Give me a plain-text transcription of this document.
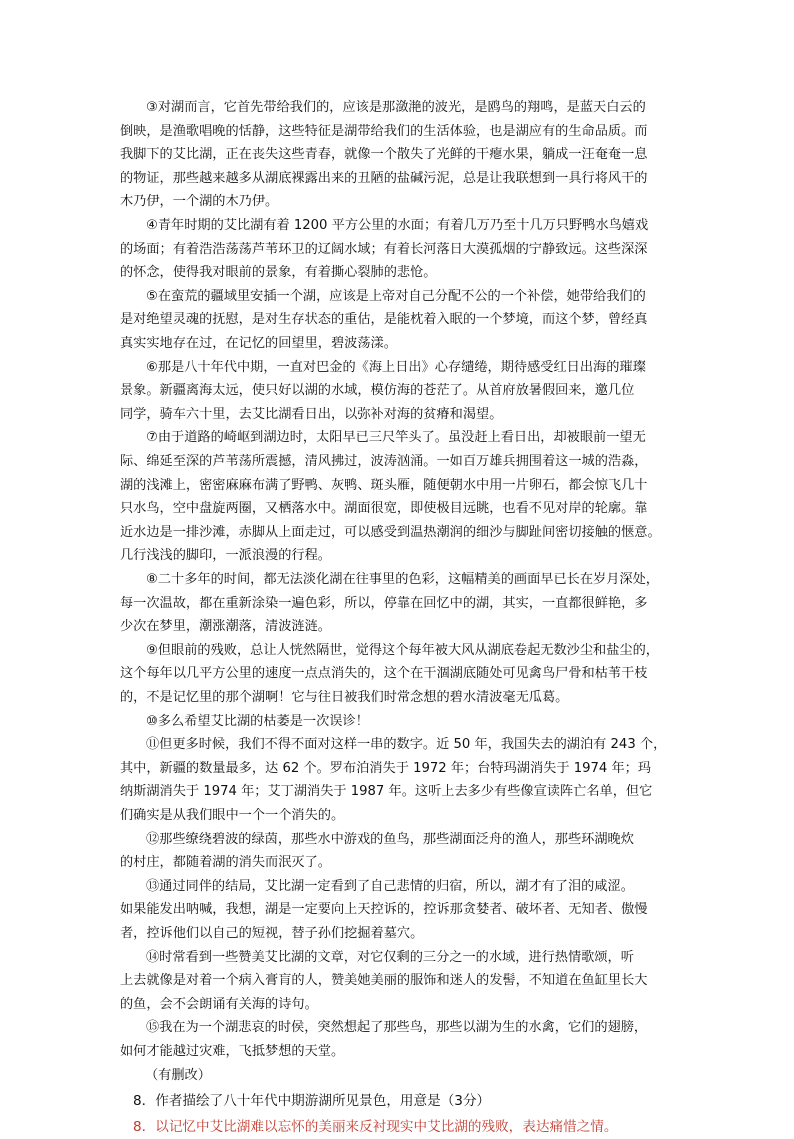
③对湖而言，它首先带给我们的，应该是那潋滟的波光，是鸥鸟的翔鸣，是蓝天白云的
倒映，是渔歌唱晚的恬静，这些特征是湖带给我们的生活体验，也是湖应有的生命品质。而
我脚下的艾比湖，正在丧失这些青春，就像一个散失了光鲜的干瘪水果，躺成一汪奄奄一息
的物证，那些越来越多从湖底裸露出来的丑陋的盐碱污泥，总是让我联想到一具行将风干的
木乃伊，一个湖的木乃伊。
④青年时期的艾比湖有着 1200 平方公里的水面；有着几万乃至十几万只野鸭水鸟嬉戏
的场面；有着浩浩荡荡芦苇环卫的辽阔水域；有着长河落日大漠孤烟的宁静致远。这些深深
的怀念，使得我对眼前的景象，有着撕心裂肺的悲怆。
⑤在蛮荒的疆域里安插一个湖，应该是上帝对自己分配不公的一个补偿，她带给我们的
是对绝望灵魂的抚慰，是对生存状态的重估，是能枕着入眠的一个梦境，而这个梦，曾经真
真实实地存在过，在记忆的回望里，碧波荡漾。
⑥那是八十年代中期，一直对巴金的《海上日出》心存缱绻，期待感受红日出海的璀璨
景象。新疆离海太远，使只好以湖的水域，模仿海的苍茫了。从首府放暑假回来，邀几位
同学，骑车六十里，去艾比湖看日出，以弥补对海的贫瘠和渴望。
⑦由于道路的崎岖到湖边时，太阳早已三尺竿头了。虽没赶上看日出，却被眼前一望无
际、绵延至深的芦苇荡所震撼，清风拂过，波涛汹涌。一如百万雄兵拥围着这一城的浩淼，
湖的浅滩上，密密麻麻布满了野鸭、灰鸭、斑头雁，随便朝水中用一片卵石，都会惊飞几十
只水鸟，空中盘旋两圈，又栖落水中。湖面很宽，即使极目远眺，也看不见对岸的轮廓。靠
近水边是一排沙滩，赤脚从上面走过，可以感受到温热潮润的细沙与脚趾间密切接触的惬意。
几行浅浅的脚印，一派浪漫的行程。
⑧二十多年的时间，都无法淡化湖在往事里的色彩，这幅精美的画面早已长在岁月深处，
每一次温故，都在重新涂染一遍色彩，所以，停靠在回忆中的湖，其实，一直都很鲜艳，多
少次在梦里，潮涨潮落，清波涟涟。
⑨但眼前的残败，总让人恍然隔世，觉得这个每年被大风从湖底卷起无数沙尘和盐尘的，
这个每年以几平方公里的速度一点点消失的，这个在干涸湖底随处可见禽鸟尸骨和枯苇干枝
的，不是记忆里的那个湖啊！它与往日被我们时常念想的碧水清波毫无瓜葛。
⑩多么希望艾比湖的枯萎是一次误诊！
⑪但更多时候，我们不得不面对这样一串的数字。近 50 年，我国失去的湖泊有 243 个，
其中，新疆的数量最多，达 62 个。罗布泊消失于 1972 年；台特玛湖消失于 1974 年；玛
纳斯湖消失于 1974 年；艾丁湖消失于 1987 年。这听上去多少有些像宣读阵亡名单，但它
们确实是从我们眼中一个一个消失的。
⑫那些缭绕碧波的绿茵，那些水中游戏的鱼鸟，那些湖面泛舟的渔人，那些环湖晚炊
的村庄，都随着湖的消失而泯灭了。
⑬通过同伴的结局，艾比湖一定看到了自己悲情的归宿，所以，湖才有了泪的咸涩。
如果能发出呐喊，我想，湖是一定要向上天控诉的，控诉那贪婪者、破坏者、无知者、傲慢
者，控诉他们以自己的短视，替子孙们挖掘着墓穴。
⑭时常看到一些赞美艾比湖的文章，对它仅剩的三分之一的水域，进行热情歌颂，听
上去就像是对着一个病入膏肓的人，赞美她美丽的服饰和迷人的发髻，不知道在鱼缸里长大
的鱼，会不会朗诵有关海的诗句。
⑮我在为一个湖悲哀的时侯，突然想起了那些鸟，那些以湖为生的水禽，它们的翅膀，
如何才能越过灾难，飞抵梦想的天堂。
（有删改）
8．作者描绘了八十年代中期游湖所见景色，用意是（3分）
8．以记忆中艾比湖难以忘怀的美丽来反衬现实中艾比湖的残败，表达痛惜之情。
